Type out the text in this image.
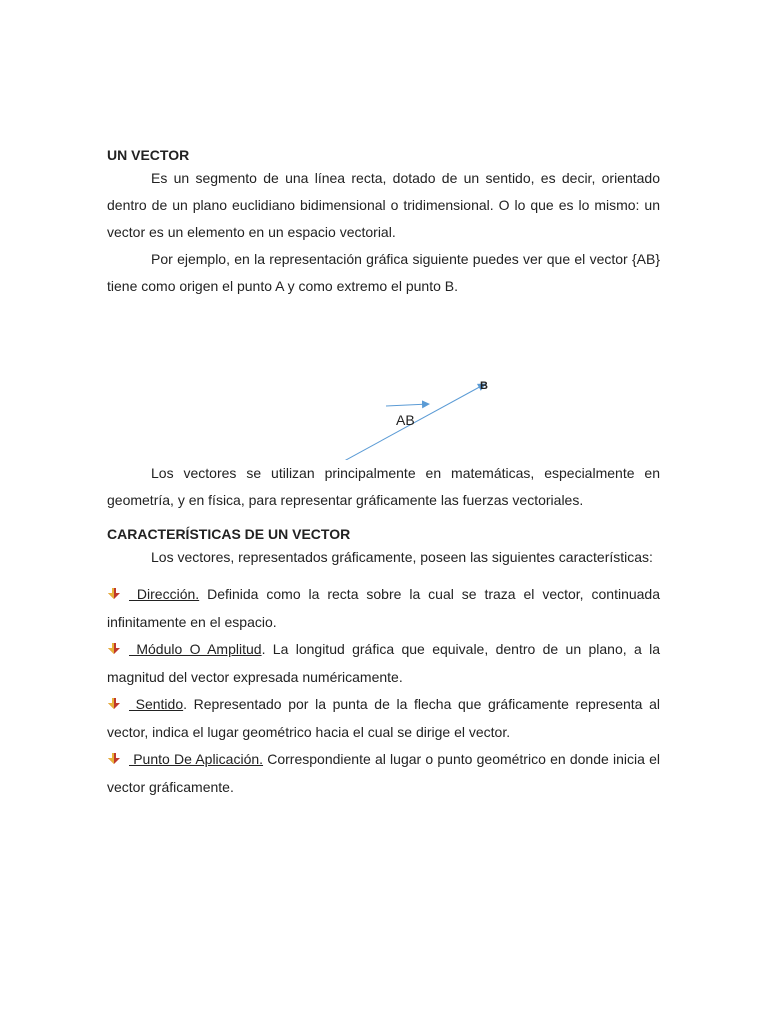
UN VECTOR

Es un segmento de una línea recta, dotado de un sentido, es decir, orientado dentro de un plano euclidiano bidimensional o tridimensional. O lo que es lo mismo: un vector es un elemento en un espacio vectorial.

Por ejemplo, en la representación gráfica siguiente puedes ver que el vector {AB} tiene como origen el punto A y como extremo el punto B.

B
AB

Los vectores se utilizan principalmente en matemáticas, especialmente en geometría, y en física, para representar gráficamente las fuerzas vectoriales.

CARACTERÍSTICAS DE UN VECTOR

Los vectores, representados gráficamente, poseen las siguientes características:

Dirección. Definida como la recta sobre la cual se traza el vector, continuada infinitamente en el espacio.
Módulo O Amplitud. La longitud gráfica que equivale, dentro de un plano, a la magnitud del vector expresada numéricamente.
Sentido. Representado por la punta de la flecha que gráficamente representa al vector, indica el lugar geométrico hacia el cual se dirige el vector.
Punto De Aplicación. Correspondiente al lugar o punto geométrico en donde inicia el vector gráficamente.
